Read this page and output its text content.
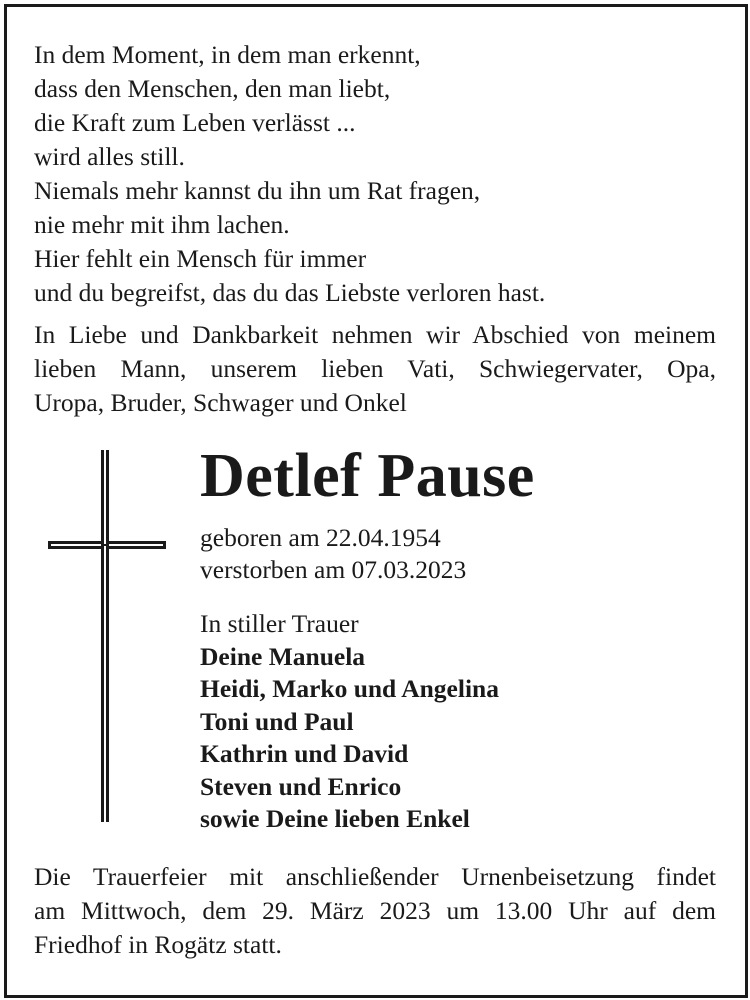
In dem Moment, in dem man erkennt,
dass den Menschen, den man liebt,
die Kraft zum Leben verlässt ...
wird alles still.
Niemals mehr kannst du ihn um Rat fragen,
nie mehr mit ihm lachen.
Hier fehlt ein Mensch für immer
und du begreifst, das du das Liebste verloren hast.
In Liebe und Dankbarkeit nehmen wir Abschied von meinem
lieben Mann, unserem lieben Vati, Schwiegervater, Opa,
Uropa, Bruder, Schwager und Onkel
Detlef Pause
geboren am 22.04.1954
verstorben am 07.03.2023
In stiller Trauer
Deine Manuela
Heidi, Marko und Angelina
Toni und Paul
Kathrin und David
Steven und Enrico
sowie Deine lieben Enkel
Die Trauerfeier mit anschließender Urnenbeisetzung findet
am Mittwoch, dem 29. März 2023 um 13.00 Uhr auf dem
Friedhof in Rogätz statt.
